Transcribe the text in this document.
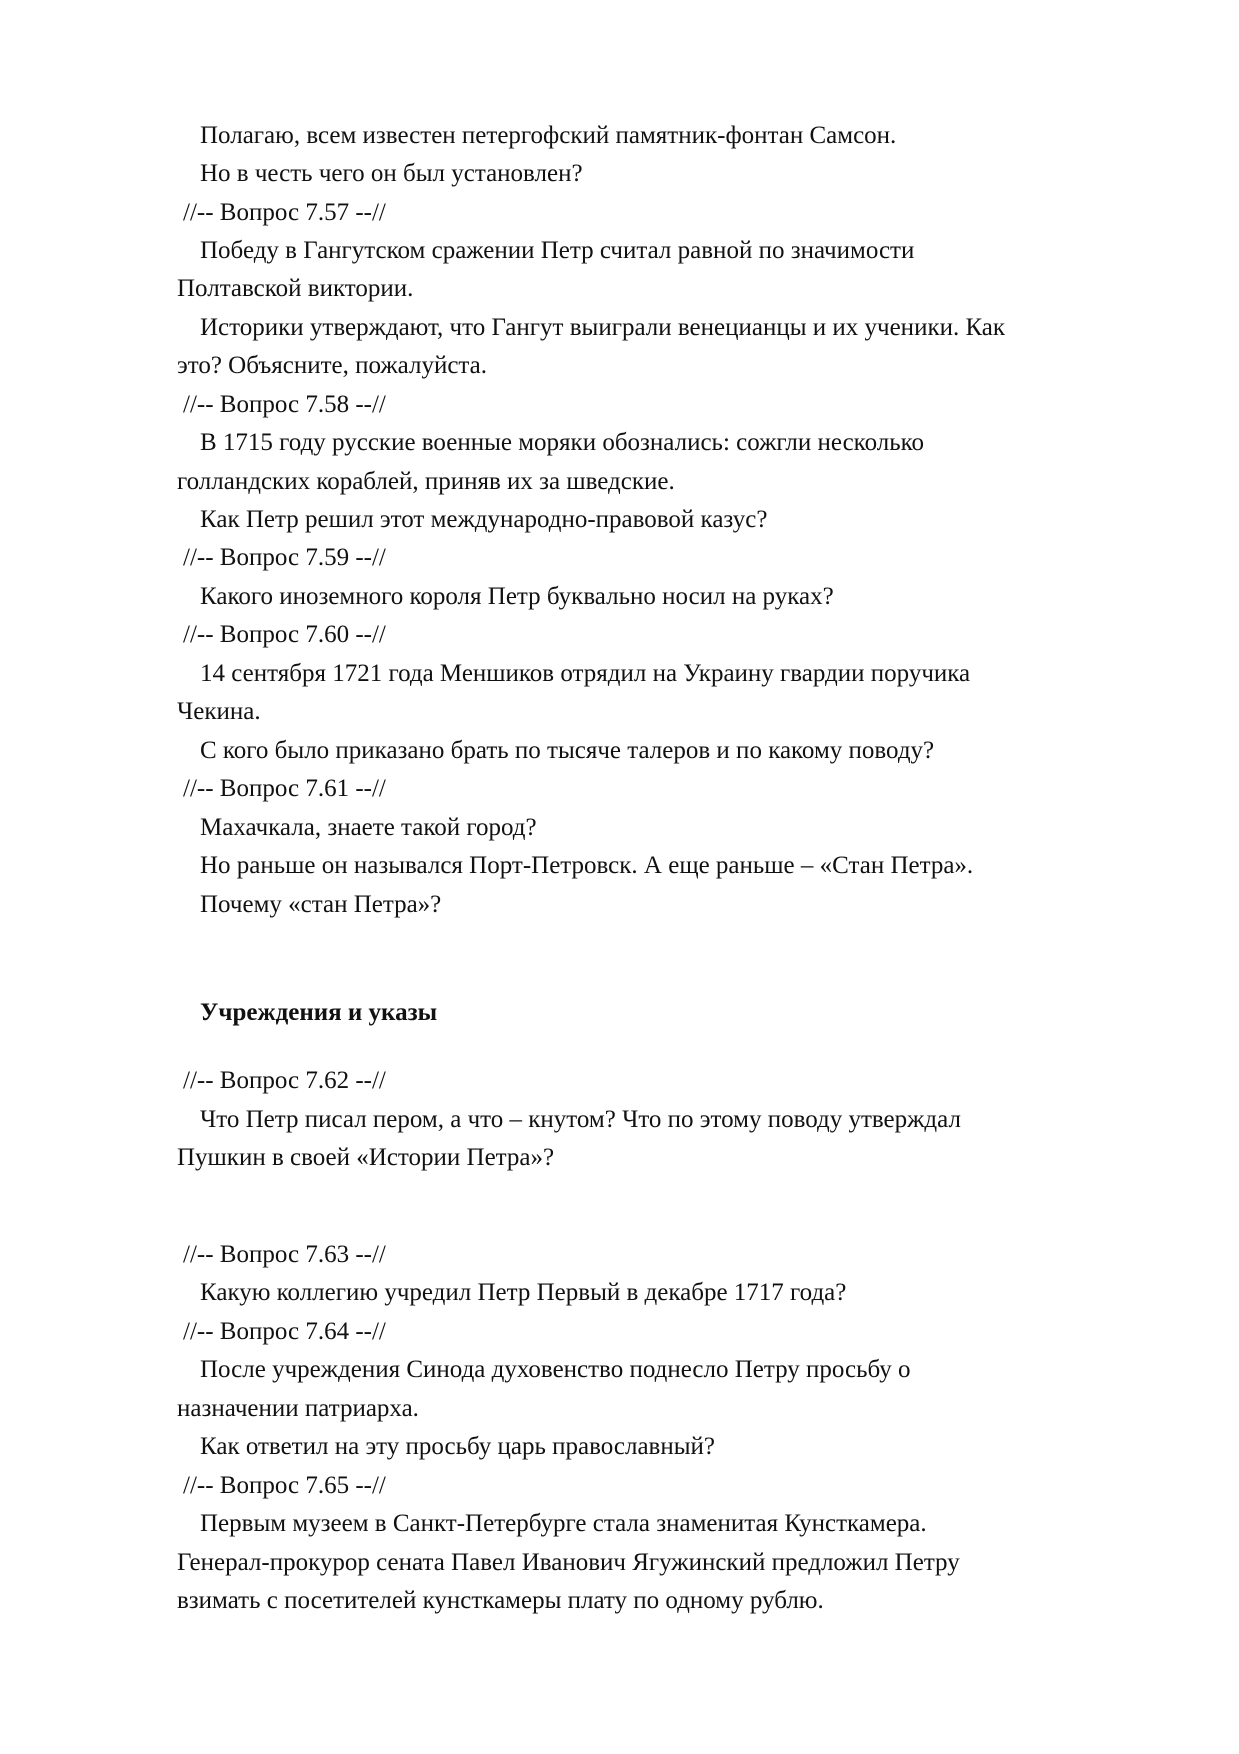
Полагаю, всем известен петергофский памятник-фонтан Самсон.
Но в честь чего он был установлен?
//-- Вопрос 7.57 --//
Победу в Гангутском сражении Петр считал равной по значимости
Полтавской виктории.
Историки утверждают, что Гангут выиграли венецианцы и их ученики. Как
это? Объясните, пожалуйста.
//-- Вопрос 7.58 --//
В 1715 году русские военные моряки обознались: сожгли несколько
голландских кораблей, приняв их за шведские.
Как Петр решил этот международно-правовой казус?
//-- Вопрос 7.59 --//
Какого иноземного короля Петр буквально носил на руках?
//-- Вопрос 7.60 --//
14 сентября 1721 года Меншиков отрядил на Украину гвардии поручика
Чекина.
С кого было приказано брать по тысяче талеров и по какому поводу?
//-- Вопрос 7.61 --//
Махачкала, знаете такой город?
Но раньше он назывался Порт-Петровск. А еще раньше – «Стан Петра».
Почему «стан Петра»?
Учреждения и указы
//-- Вопрос 7.62 --//
Что Петр писал пером, а что – кнутом? Что по этому поводу утверждал
Пушкин в своей «Истории Петра»?
//-- Вопрос 7.63 --//
Какую коллегию учредил Петр Первый в декабре 1717 года?
//-- Вопрос 7.64 --//
После учреждения Синода духовенство поднесло Петру просьбу о
назначении патриарха.
Как ответил на эту просьбу царь православный?
//-- Вопрос 7.65 --//
Первым музеем в Санкт-Петербурге стала знаменитая Кунсткамера.
Генерал-прокурор сената Павел Иванович Ягужинский предложил Петру
взимать с посетителей кунсткамеры плату по одному рублю.
